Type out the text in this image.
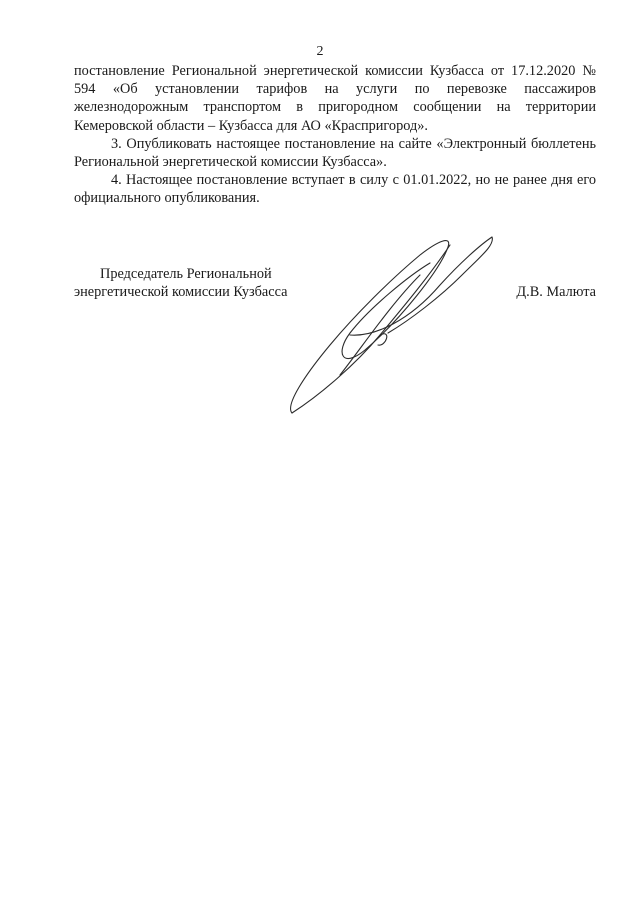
2

постановление Региональной энергетической комиссии Кузбасса от 17.12.2020 № 594 «Об установлении тарифов на услуги по перевозке пассажиров железнодорожным транспортом в пригородном сообщении на территории Кемеровской области – Кузбасса для АО «Краспригород».

3. Опубликовать настоящее постановление на сайте «Электронный бюллетень Региональной энергетической комиссии Кузбасса».

4. Настоящее постановление вступает в силу с 01.01.2022, но не ранее дня его официального опубликования.

Председатель Региональной
энергетической комиссии Кузбасса	Д.В. Малюта
